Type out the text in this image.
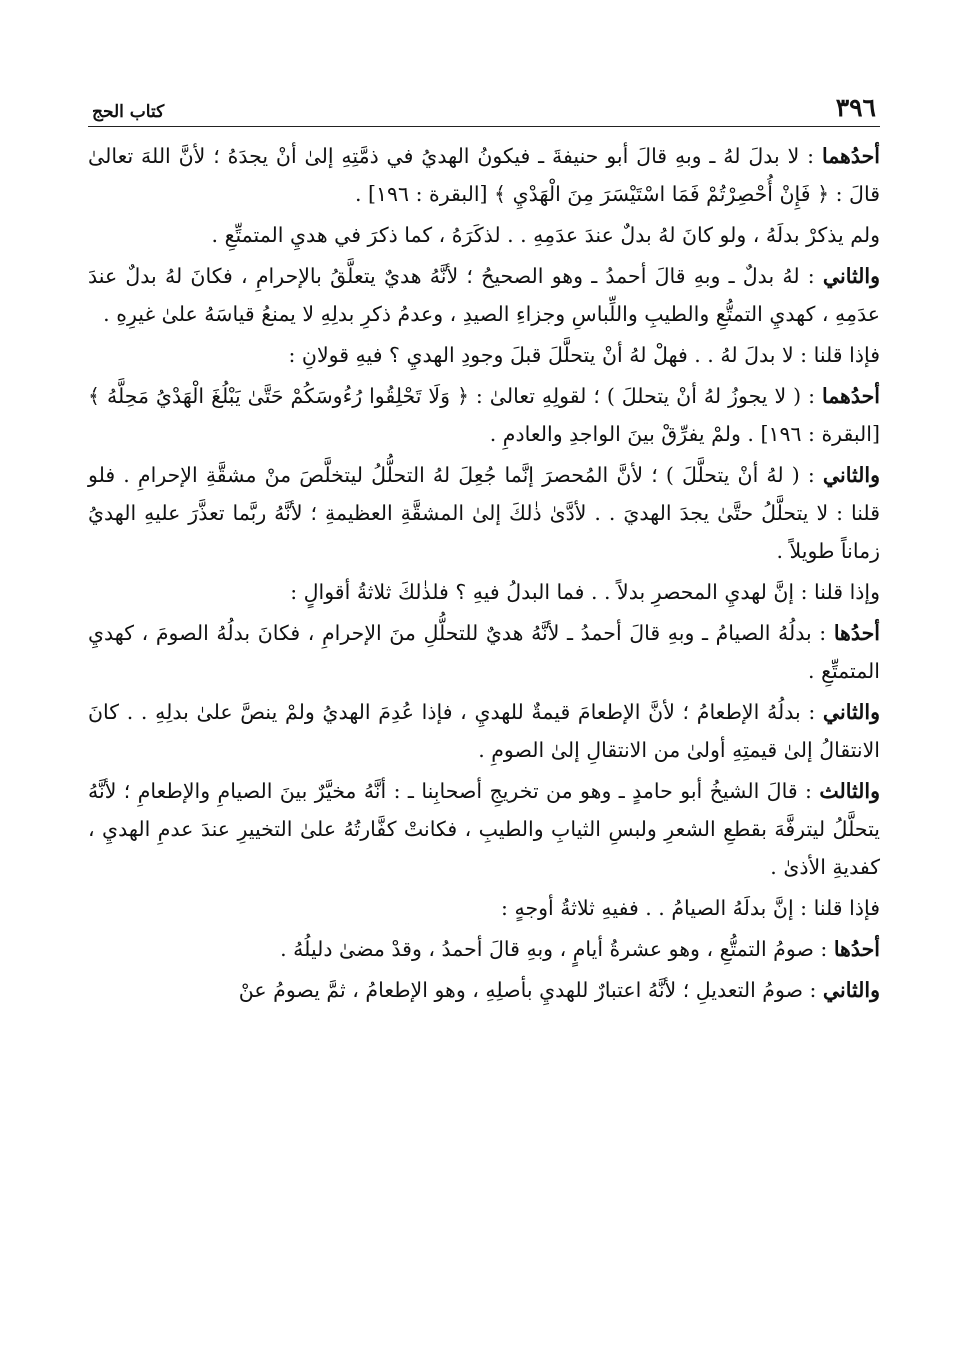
٣٩٦
كتاب الحج

أحدُهما : لا بدلَ لهُ ـ وبهِ قالَ أبو حنيفةَ ـ فيكونُ الهديُ في ذمَّتِهِ إلىٰ أنْ يجدَهُ ؛ لأنَّ اللهَ تعالىٰ قالَ : ﴿ فَإِنْ أُحْصِرْتُمْ فَمَا اسْتَيْسَرَ مِنَ الْهَدْيِ ﴾ [البقرة : ١٩٦] .

ولم يذكرْ بدلَهُ ، ولو كانَ لهُ بدلٌ عندَ عدَمِهِ . . لذكَرَهُ ، كما ذكرَ في هديِ المتمتِّعِ .

والثاني : لهُ بدلٌ ـ وبهِ قالَ أحمدُ ـ وهو الصحيحُ ؛ لأنَّهُ هديٌ يتعلَّقُ بالإحرامِ ، فكانَ لهُ بدلٌ عندَ عدَمِهِ ، كهديِ التمتُّعِ والطيبِ واللِّباسِ وجزاءِ الصيدِ ، وعدمُ ذكرِ بدلِهِ لا يمنعُ قياسَهُ علىٰ غيرِهِ .

فإذا قلنا : لا بدلَ لهُ . . فهلْ لهُ أنْ يتحلَّلَ قبلَ وجودِ الهديِ ؟ فيهِ قولانِ :

أحدُهما : ( لا يجوزُ لهُ أنْ يتحللَ ) ؛ لقولِهِ تعالىٰ : ﴿ وَلَا تَحْلِقُوا رُءُوسَكُمْ حَتَّىٰ يَبْلُغَ الْهَدْيُ مَحِلَّهُ ﴾ [البقرة : ١٩٦] . ولمْ يفرِّقْ بينَ الواجدِ والعادمِ .

والثاني : ( لهُ أنْ يتحلَّلَ ) ؛ لأنَّ المُحصرَ إنَّما جُعِلَ لهُ التحلُّلُ ليتخلَّصَ منْ مشقَّةِ الإحرامِ . فلو قلنا : لا يتحلَّلُ حتَّىٰ يجدَ الهديَ . . لأدَّىٰ ذٰلكَ إلىٰ المشقَّةِ العظيمةِ ؛ لأنَّهُ ربَّما تعذَّرَ عليهِ الهديُ زماناً طويلاً .

وإذا قلنا : إنَّ لهديِ المحصرِ بدلاً . . فما البدلُ فيهِ ؟ فلذٰلكَ ثلاثةُ أقوالٍ :

أحدُها : بدلُهُ الصيامُ ـ وبهِ قالَ أحمدُ ـ لأنَّهُ هديٌ للتحلُّلِ منَ الإحرامِ ، فكانَ بدلُهُ الصومَ ، كهديِ المتمتِّعِ .

والثاني : بدلُهُ الإطعامُ ؛ لأنَّ الإطعامَ قيمةٌ للهديِ ، فإذا عُدِمَ الهديُ ولمْ ينصَّ علىٰ بدلِهِ . . كانَ الانتقالُ إلىٰ قيمتِهِ أولىٰ من الانتقالِ إلىٰ الصومِ .

والثالث : قالَ الشيخُ أبو حامدٍ ـ وهو من تخريجِ أصحابِنا ـ : أنَّهُ مخيَّرٌ بينَ الصيامِ والإطعامِ ؛ لأنَّهُ يتحلَّلُ ليترفَّهَ بقطعِ الشعرِ ولبسِ الثيابِ والطيبِ ، فكانتْ كفَّارتُهُ علىٰ التخييرِ عندَ عدمِ الهديِ ، كفديةِ الأذىٰ .

فإذا قلنا : إنَّ بدلَهُ الصيامُ . . ففيهِ ثلاثةُ أوجهٍ :

أحدُها : صومُ التمتُّعِ ، وهو عشرةُ أيامٍ ، وبهِ قالَ أحمدُ ، وقدْ مضىٰ دليلُهُ .

والثاني : صومُ التعديلِ ؛ لأنَّهُ اعتبارٌ للهديِ بأصلِهِ ، وهو الإطعامُ ، ثمَّ يصومُ عنْ
